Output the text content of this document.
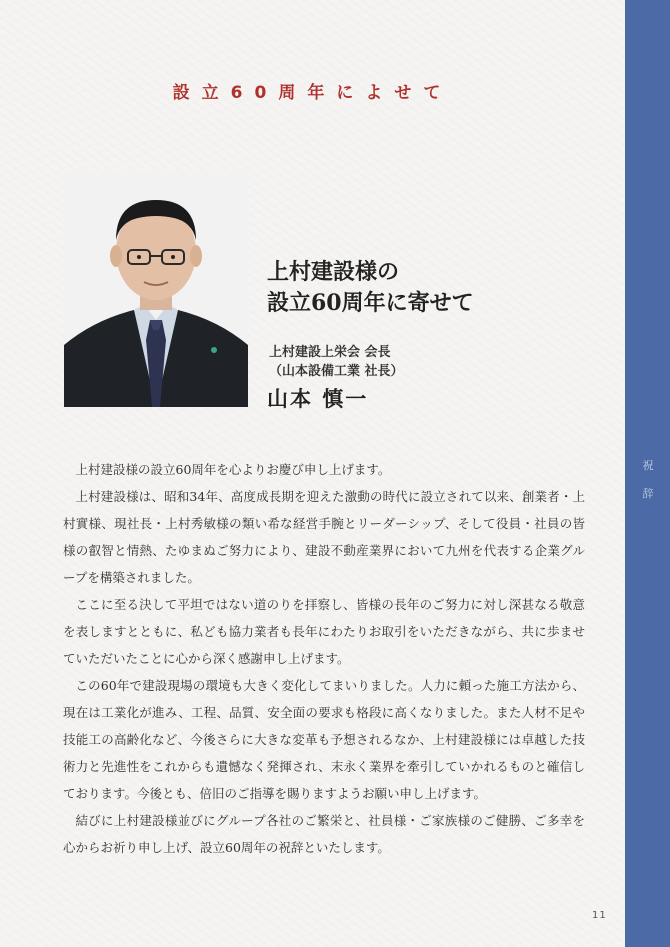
祝辞
設立60周年によせて
上村建設様の
設立60周年に寄せて
上村建設上栄会 会長
（山本設備工業 社長）
山本 慎一

上村建設様の設立60周年を心よりお慶び申し上げます。

上村建設様は、昭和34年、高度成長期を迎えた激動の時代に設立されて以来、創業者・上村實様、現社長・上村秀敏様の類い希な経営手腕とリーダーシップ、そして役員・社員の皆様の叡智と情熱、たゆまぬご努力により、建設不動産業界において九州を代表する企業グループを構築されました。

ここに至る決して平坦ではない道のりを拝察し、皆様の長年のご努力に対し深甚なる敬意を表しますとともに、私ども協力業者も長年にわたりお取引をいただきながら、共に歩ませていただいたことに心から深く感謝申し上げます。

この60年で建設現場の環境も大きく変化してまいりました。人力に頼った施工方法から、現在は工業化が進み、工程、品質、安全面の要求も格段に高くなりました。また人材不足や技能工の高齢化など、今後さらに大きな変革も予想されるなか、上村建設様には卓越した技術力と先進性をこれからも遺憾なく発揮され、末永く業界を牽引していかれるものと確信しております。今後とも、倍旧のご指導を賜りますようお願い申し上げます。

結びに上村建設様並びにグループ各社のご繁栄と、社員様・ご家族様のご健勝、ご多幸を心からお祈り申し上げ、設立60周年の祝辞といたします。

11
